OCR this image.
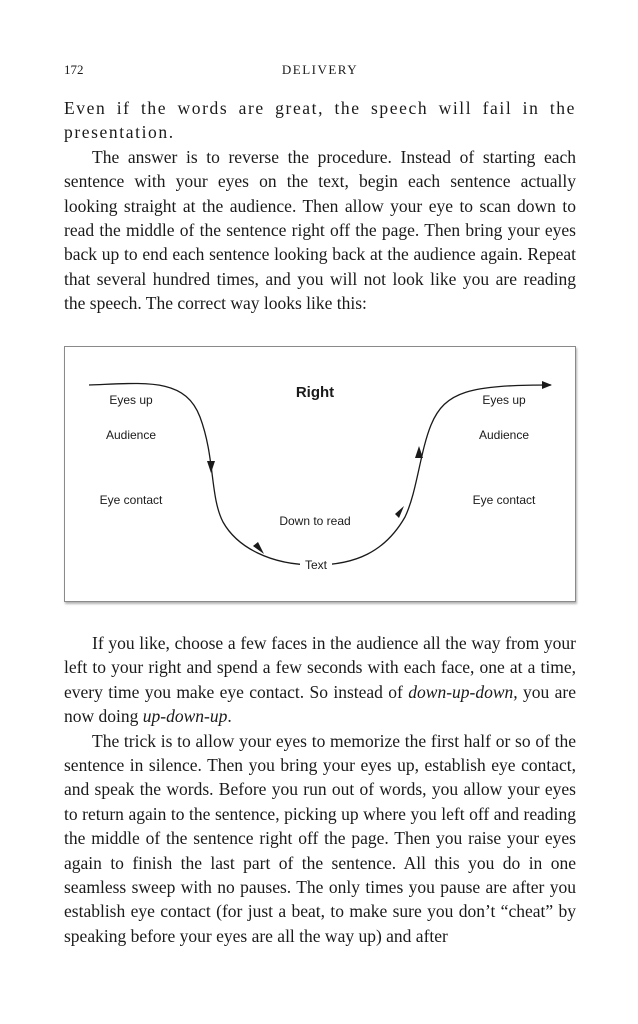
172	DELIVERY

Even if the words are great, the speech will fail in the presentation.

The answer is to reverse the procedure. Instead of starting each sentence with your eyes on the text, begin each sentence actually looking straight at the audience. Then allow your eye to scan down to read the middle of the sentence right off the page. Then bring your eyes back up to end each sentence looking back at the audience again. Repeat that several hundred times, and you will not look like you are reading the speech. The correct way looks like this:

If you like, choose a few faces in the audience all the way from your left to your right and spend a few seconds with each face, one at a time, every time you make eye contact. So instead of down-up-down, you are now doing up-down-up.

The trick is to allow your eyes to memorize the first half or so of the sentence in silence. Then you bring your eyes up, establish eye contact, and speak the words. Before you run out of words, you allow your eyes to return again to the sentence, picking up where you left off and reading the middle of the sentence right off the page. Then you raise your eyes again to finish the last part of the sentence. All this you do in one seamless sweep with no pauses. The only times you pause are after you establish eye contact (for just a beat, to make sure you don’t “cheat” by speaking before your eyes are all the way up) and after

Right
Eyes up
Audience
Eye contact
Eyes up
Audience
Eye contact
Down to read
Text
